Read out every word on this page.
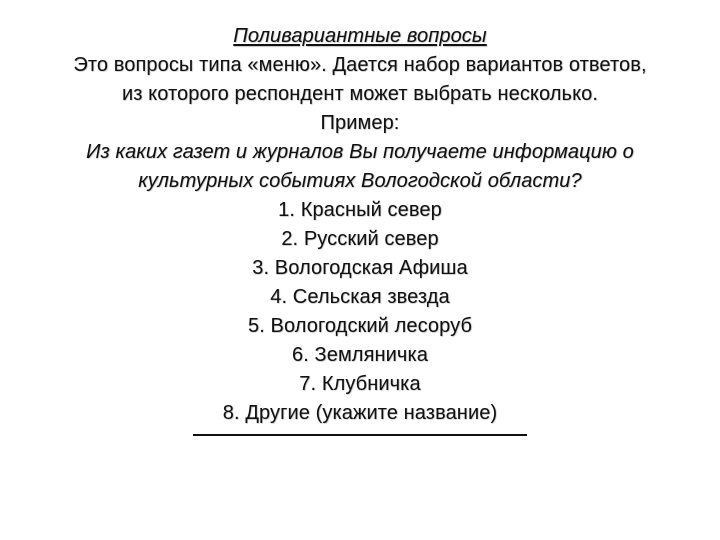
Поливариантные вопросы
Это вопросы типа «меню». Дается набор вариантов ответов,
из которого респондент может выбрать несколько.
Пример:
Из каких газет и журналов Вы получаете информацию о
культурных событиях Вологодской области?
1. Красный север
2. Русский север
3. Вологодская Афиша
4. Сельская звезда
5. Вологодский лесоруб
6. Земляничка
7. Клубничка
8. Другие (укажите название)
